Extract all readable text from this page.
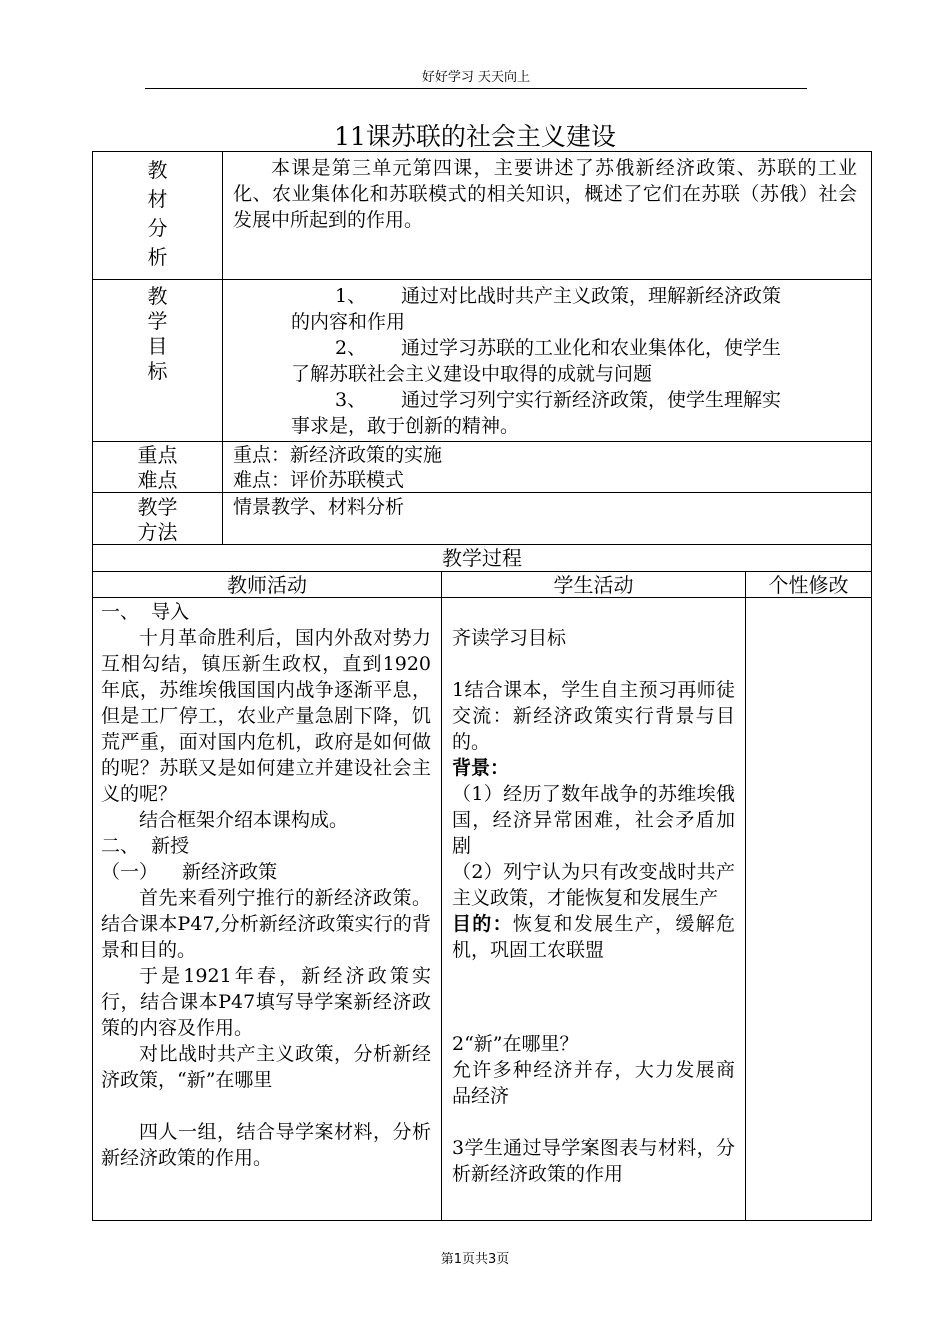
好好学习 天天向上
11课苏联的社会主义建设
教
材
分
析

本课是第三单元第四课，主要讲述了苏俄新经济政策、苏联的工业化、农业集体化和苏联模式的相关知识，概述了它们在苏联（苏俄）社会发展中所起到的作用。

教
学
目
标
1、 通过对比战时共产主义政策，理解新经济政策
的内容和作用
2、 通过学习苏联的工业化和农业集体化，使学生
了解苏联社会主义建设中取得的成就与问题
3、 通过学习列宁实行新经济政策，使学生理解实
事求是，敢于创新的精神。
重点
难点
重点：新经济政策的实施
难点：评价苏联模式
教学
方法
情景教学、材料分析
教学过程
教师活动	学生活动	个性修改
一、  导入

十月革命胜利后，国内外敌对势力互相勾结，镇压新生政权，直到1920年底，苏维埃俄国国内战争逐渐平息，但是工厂停工，农业产量急剧下降，饥荒严重，面对国内危机，政府是如何做的呢？苏联又是如何建立并建设社会主义的呢？

结合框架介绍本课构成。

二、  新授
（一）    新经济政策

首先来看列宁推行的新经济政策。结合课本P47,分析新经济政策实行的背景和目的。

于是1921年春，新经济政策实行，结合课本P47填写导学案新经济政策的内容及作用。

对比战时共产主义政策，分析新经济政策，“新”在哪里

四人一组，结合导学案材料，分析新经济政策的作用。

齐读学习目标

1结合课本，学生自主预习再师徒交流：新经济政策实行背景与目的。

背景：

（1）经历了数年战争的苏维埃俄国，经济异常困难，社会矛盾加剧

（2）列宁认为只有改变战时共产主义政策，才能恢复和发展生产

目的：恢复和发展生产，缓解危机，巩固工农联盟

2“新”在哪里？

允许多种经济并存，大力发展商品经济

3学生通过导学案图表与材料，分析新经济政策的作用

第1页共3页
